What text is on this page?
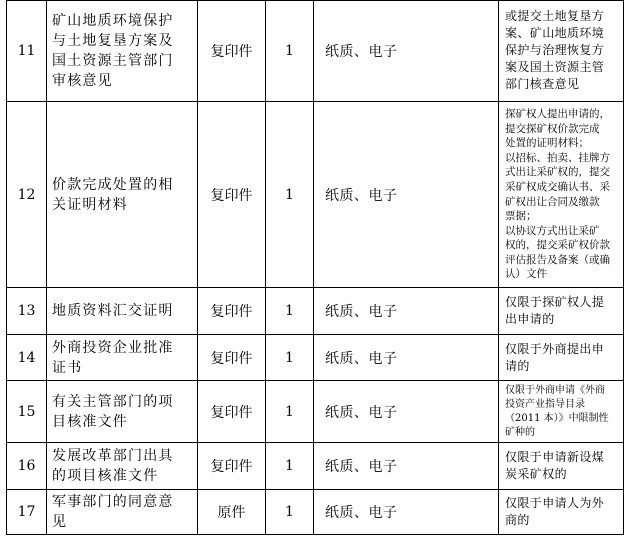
11
矿山地质环境保护
与土地复垦方案及
国土资源主管部门
审核意见
复印件 1 纸质、电子
或提交土地复垦方
案、矿山地质环境
保护与治理恢复方
案及国土资源主管
部门核查意见
12
价款完成处置的相
关证明材料
复印件 1 纸质、电子
探矿权人提出申请的，
提交探矿权价款完成
处置的证明材料；
以招标、拍卖、挂牌方
式出让采矿权的，提交
采矿权成交确认书、采
矿权出让合同及缴款
票据；
以协议方式出让采矿
权的，提交采矿权价款
评估报告及备案（或确
认）文件
13 地质资料汇交证明	复印件 1 纸质、电子
仅限于探矿权人提
出申请的
14
外商投资企业批准
证书
复印件 1 纸质、电子
仅限于外商提出申
请的
15
有关主管部门的项
目核准文件
复印件 1 纸质、电子
仅限于外商申请《外商
投资产业指导目录
（2011 本）》中限制性
矿种的
16
发展改革部门出具
的项目核准文件
复印件 1 纸质、电子
仅限于申请新设煤
炭采矿权的
17
军事部门的同意意
见
原件	1 纸质、电子
仅限于申请人为外
商的
